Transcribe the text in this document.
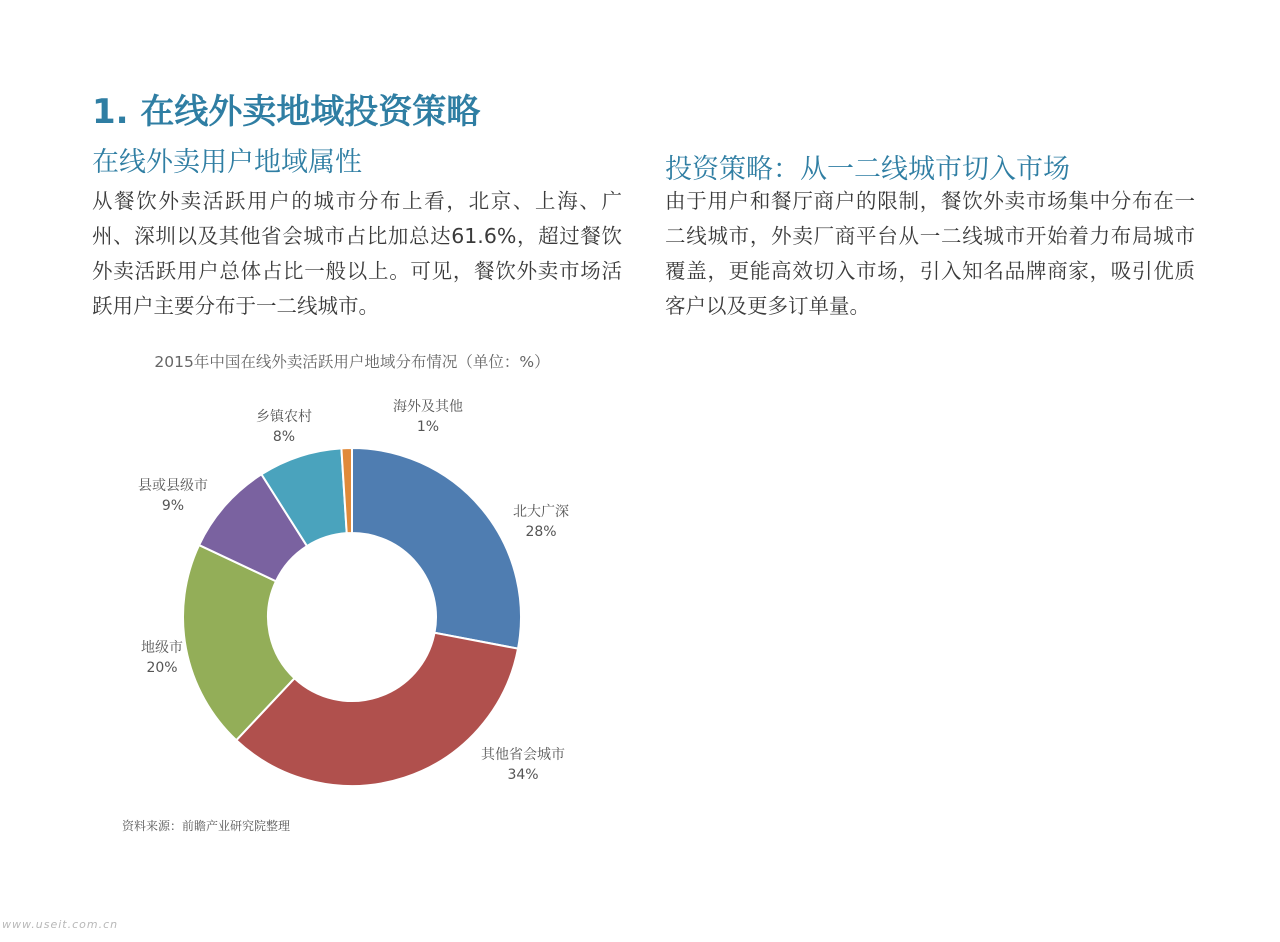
1. 在线外卖地域投资策略
在线外卖用户地域属性

从餐饮外卖活跃用户的城市分布上看，北京、上海、广州、深圳以及其他省会城市占比加总达61.6%，超过餐饮外卖活跃用户总体占比一般以上。可见，餐饮外卖市场活跃用户主要分布于一二线城市。

投资策略：从一二线城市切入市场

由于用户和餐厅商户的限制，餐饮外卖市场集中分布在一二线城市，外卖厂商平台从一二线城市开始着力布局城市覆盖，更能高效切入市场，引入知名品牌商家，吸引优质客户以及更多订单量。

2015年中国在线外卖活跃用户地域分布情况（单位：%）
北大广深
28%
其他省会城市
34%
地级市
20%
县或县级市
9%
乡镇农村
8%
海外及其他
1%
资料来源：前瞻产业研究院整理
www.useit.com.cn
